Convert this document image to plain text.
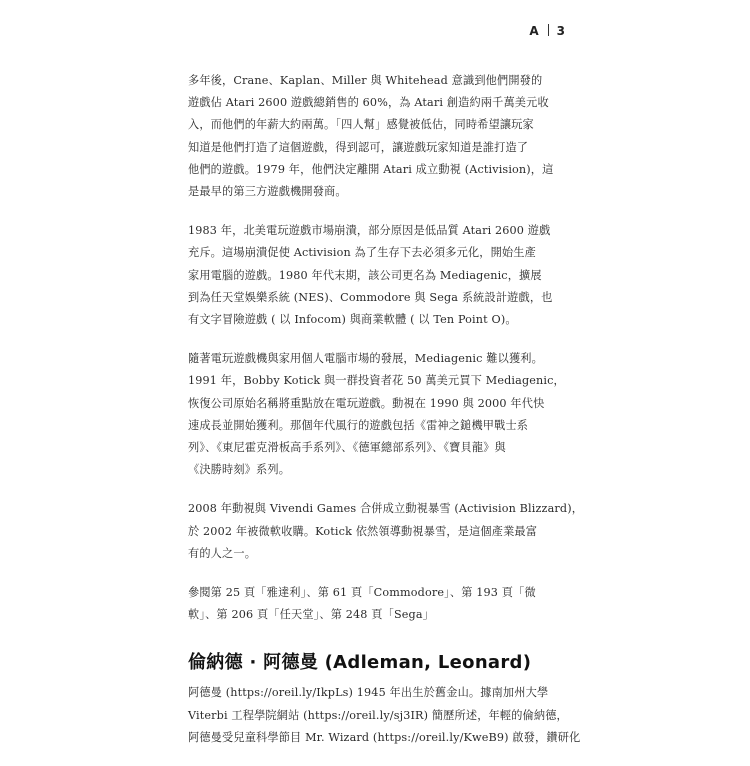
A 3
多年後，Crane、Kaplan、Miller 與 Whitehead 意識到他們開發的
遊戲佔 Atari 2600 遊戲總銷售的 60%，為 Atari 創造約兩千萬美元收
入，而他們的年薪大約兩萬。「四人幫」感覺被低估，同時希望讓玩家
知道是他們打造了這個遊戲，得到認可，讓遊戲玩家知道是誰打造了
他們的遊戲。1979 年，他們決定離開 Atari 成立動視 (Activision)，這
是最早的第三方遊戲機開發商。
1983 年，北美電玩遊戲市場崩潰，部分原因是低品質 Atari 2600 遊戲
充斥。這場崩潰促使 Activision 為了生存下去必須多元化，開始生產
家用電腦的遊戲。1980 年代末期，該公司更名為 Mediagenic，擴展
到為任天堂娛樂系統 (NES)、Commodore 與 Sega 系統設計遊戲，也
有文字冒險遊戲 ( 以 Infocom) 與商業軟體 ( 以 Ten Point O)。
隨著電玩遊戲機與家用個人電腦市場的發展，Mediagenic 難以獲利。
1991 年，Bobby Kotick 與一群投資者花 50 萬美元買下 Mediagenic，
恢復公司原始名稱將重點放在電玩遊戲。動視在 1990 與 2000 年代快
速成長並開始獲利。那個年代風行的遊戲包括《雷神之鎚機甲戰士系
列》、《東尼霍克滑板高手系列》、《德軍總部系列》、《寶貝龍》與
《決勝時刻》系列。
2008 年動視與 Vivendi Games 合併成立動視暴雪 (Activision Blizzard)，
於 2002 年被微軟收購。Kotick 依然領導動視暴雪，是這個產業最富
有的人之一。
參閱第 25 頁「雅達利」、第 61 頁「Commodore」、第 193 頁「微
軟」、第 206 頁「任天堂」、第 248 頁「Sega」
倫納德 · 阿德曼 (Adleman, Leonard)
阿德曼 (https://oreil.ly/IkpLs) 1945 年出生於舊金山。據南加州大學
Viterbi 工程學院網站 (https://oreil.ly/sj3IR) 簡歷所述，年輕的倫納德，
阿德曼受兒童科學節目 Mr. Wizard (https://oreil.ly/KweB9) 啟發，鑽研化
